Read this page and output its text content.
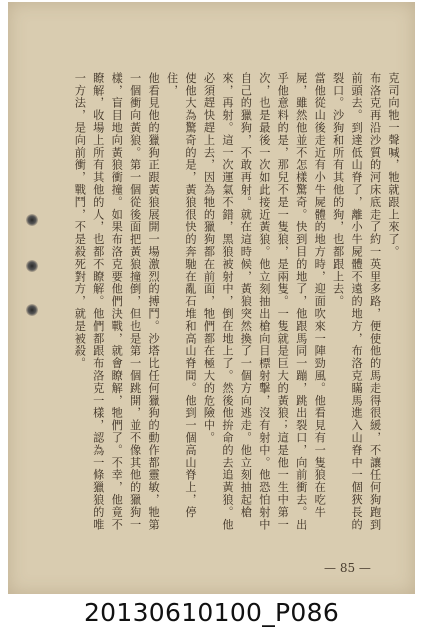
克司向牠一聲喊，牠就跟上來了。

布洛克再沿沙質的河床底走了約一英里多路，便使他的馬走得很緩，不讓任何狗跑到前頭去。到達低山脊了，離小牛屍體不遠的地方，布洛克瞞馬進入山脊中一個狹長的裂口。沙狗和所有其他的狗，也都跟上去。

當他從山後走近有小牛屍體的地方時，迎面吹來一陣勁風。他看見有一隻狼在吃牛屍，雖然他並不怎樣驚奇。快到目的地了，他跟馬同一蹦，跳出裂口，向前衝去。出乎他意料的是，那兒不是一隻狼，是兩隻。一隻就是巨大的黃狼；這是他一生中第一次，也是最後一次如此接近黃狼。他立刻抽出槍向目標射擊，沒有射中。他恐怕射中自己的獵狗，不敢再射。就在這時候，黃狼突然換了一個方向逃走。他立刻抽起槍來，再射。這一次運氣不錯，黑狼被射中，倒在地上了。然後他拚命的去追黃狼。他必須趕快趕上去，因為牠的獵狗都在前面，牠們都在極大的危險中。

使他大為驚奇的是，黃狼很快的奔馳在亂石堆和高山脊間。他到一個高山脊上，停住，

他看見他的獵狗正跟黃狼展開一場激烈的搏鬥。沙塔比任何獵狗的動作都靈敏，牠第一個衝向黃狼。第一個從後面把黃狼撞倒，但也是第一個跳開，並不像其他的獵狗一樣，盲目地向黃狼衝撞。如果布洛克要他們決戰，就會瞭解，牠們了。不幸，他竟不瞭解，收場上所有其他的人，也都不瞭解。他們都跟布洛克一樣，認為一條獵狼的唯一方法，是向前衝，戰鬥，不是殺死對方，就是被殺。

— 85 —
20130610100_P086
